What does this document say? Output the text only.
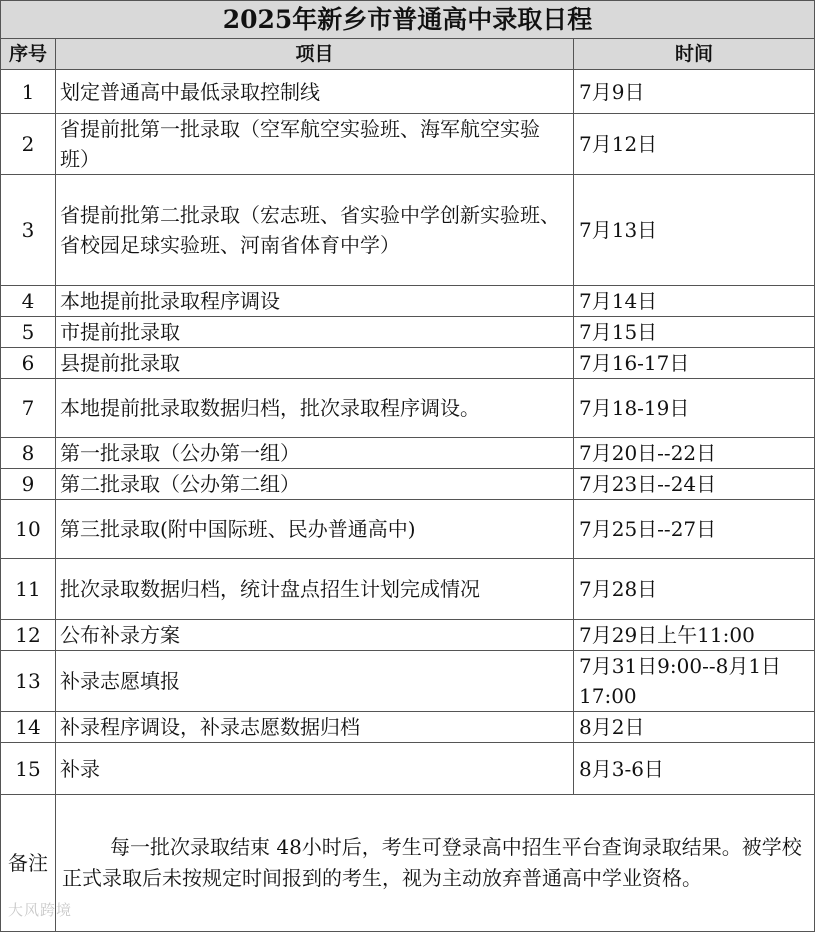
2025年新乡市普通高中录取日程		
序号	项目	时间
1	划定普通高中最低录取控制线	7月9日
2	省提前批第一批录取（空军航空实验班、海军航空实验班）	7月12日
3	省提前批第二批录取（宏志班、省实验中学创新实验班、省校园足球实验班、河南省体育中学）	7月13日
4	本地提前批录取程序调设	7月14日
5	市提前批录取	7月15日
6	县提前批录取	7月16-17日
7	本地提前批录取数据归档，批次录取程序调设。	7月18-19日
8	第一批录取（公办第一组）	7月20日--22日
9	第二批录取（公办第二组）	7月23日--24日
10	第三批录取(附中国际班、民办普通高中)	7月25日--27日
11	批次录取数据归档，统计盘点招生计划完成情况	7月28日
12	公布补录方案	7月29日上午11:00
13	补录志愿填报	7月31日9:00--8月1日17:00
14	补录程序调设，补录志愿数据归档	8月2日
15	补录	8月3-6日
备注	每一批次录取结束 48小时后，考生可登录高中招生平台查询录取结果。被学校正式录取后未按规定时间报到的考生，视为主动放弃普通高中学业资格。	
大风跨境
